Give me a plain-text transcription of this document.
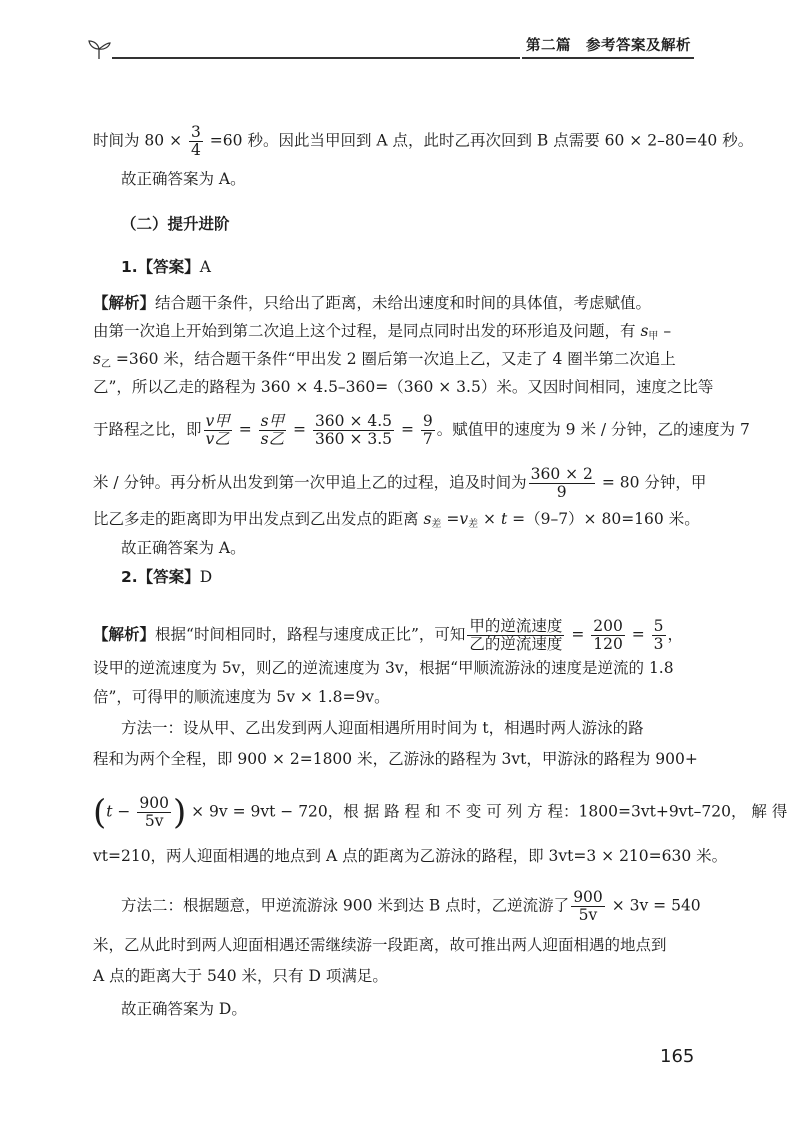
第二篇　参考答案及解析
时间为 $80 \times \frac{3}{4} =60$ 秒。因此当甲回到 A 点，此时乙再次回到 B 点需要 60 × 2–80=40 秒。
故正确答案为 A。
（二）提升进阶
1.【答案】A
【解析】结合题干条件，只给出了距离，未给出速度和时间的具体值，考虑赋值。
由第一次追上开始到第二次追上这个过程，是同点同时出发的环形追及问题，有 $s_甲$ –
$s_乙 =360$ 米，结合题干条件“甲出发 2 圈后第一次追上乙，又走了 4 圈半第二次追上
乙”，所以乙走的路程为 360 × 4.5–360=（360 × 3.5）米。又因时间相同，速度之比等
于路程之比，即 $\frac{\text{v甲}}{\text{v乙}} = \frac{\text{s甲}}{\text{s乙}} = \frac{360 \times 4.5}{360 \times 3.5} = \frac{9}{7}$ 。赋值甲的速度为 9 米 / 分钟，乙的速度为 7
米 / 分钟。再分析从出发到第一次甲追上乙的过程，追及时间为 $\frac{360 \times 2}{9} = 80$ 分钟，甲
比乙多走的距离即为甲出发点到乙出发点的距离 $s_差 =v_差 \times t =(9-7)\times 80=160$ 米。
故正确答案为 A。
2.【答案】D
【解析】根据“时间相同时，路程与速度成正比”，可知 $\frac{\text{甲的逆流速度}}{\text{乙的逆流速度}} = \frac{200}{120} = \frac{5}{3}$ ，
设甲的逆流速度为 5v，则乙的逆流速度为 3v，根据“甲顺流游泳的速度是逆流的 1.8
倍”，可得甲的顺流速度为 5v × 1.8=9v。
方法一：设从甲、乙出发到两人迎面相遇所用时间为 t，相遇时两人游泳的路
程和为两个全程，即 900 × 2=1800 米，乙游泳的路程为 3vt，甲游泳的路程为 900+
($t - \frac{900}{5v}$ ) × 9v = 9vt − 720，根 据 路 程 和 不 变 可 列 方 程：1800=3vt+9vt–720， 解 得
vt=210，两人迎面相遇的地点到 A 点的距离为乙游泳的路程，即 3vt=3 × 210=630 米。
方法二：根据题意，甲逆流游泳 900 米到达 B 点时，乙逆流游了 $\frac{900}{5v} \times 3v = 540$
米，乙从此时到两人迎面相遇还需继续游一段距离，故可推出两人迎面相遇的地点到
A 点的距离大于 540 米，只有 D 项满足。
故正确答案为 D。
165
